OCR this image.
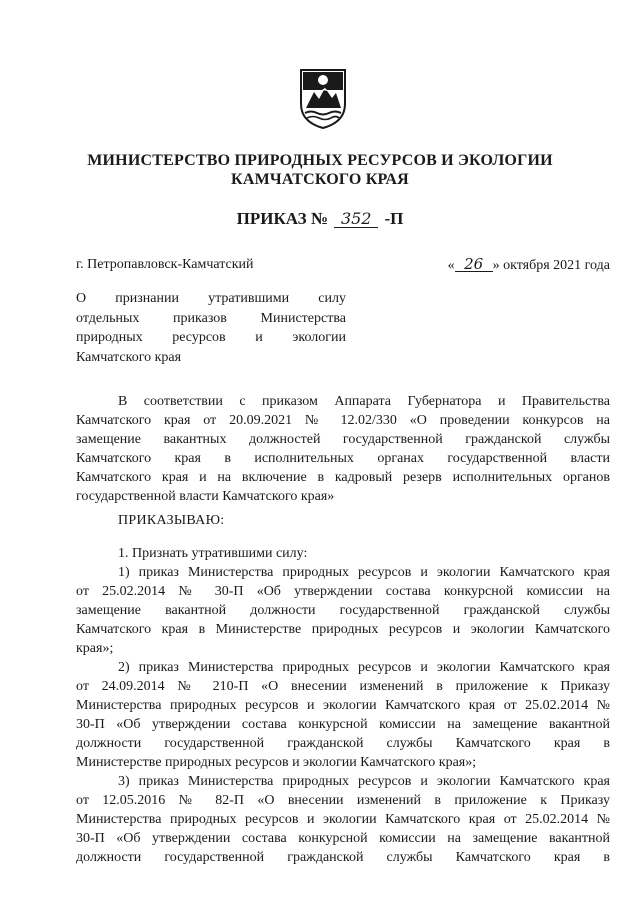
МИНИСТЕРСТВО ПРИРОДНЫХ РЕСУРСОВ И ЭКОЛОГИИ
КАМЧАТСКОГО КРАЯ
ПРИКАЗ № 352 -П
г. Петропавловск-Камчатский	« 26 » октября 2021 года
О признании утратившими силу
отдельных приказов Министерства
природных ресурсов и экологии
Камчатского края
В соответствии с приказом Аппарата Губернатора и Правительства
Камчатского края от 20.09.2021 № 12.02/330 «О проведении конкурсов на
замещение вакантных должностей государственной гражданской службы
Камчатского края в исполнительных органах государственной власти
Камчатского края и на включение в кадровый резерв исполнительных органов
государственной власти Камчатского края»
ПРИКАЗЫВАЮ:
1. Признать утратившими силу:
1) приказ Министерства природных ресурсов и экологии Камчатского края
от 25.02.2014 № 30-П «Об утверждении состава конкурсной комиссии на
замещение вакантной должности государственной гражданской службы
Камчатского края в Министерстве природных ресурсов и экологии Камчатского
края»;
2) приказ Министерства природных ресурсов и экологии Камчатского края
от 24.09.2014 № 210-П «О внесении изменений в приложение к Приказу
Министерства природных ресурсов и экологии Камчатского края от 25.02.2014 №
30-П «Об утверждении состава конкурсной комиссии на замещение вакантной
должности государственной гражданской службы Камчатского края в
Министерстве природных ресурсов и экологии Камчатского края»;
3) приказ Министерства природных ресурсов и экологии Камчатского края
от 12.05.2016 № 82-П «О внесении изменений в приложение к Приказу
Министерства природных ресурсов и экологии Камчатского края от 25.02.2014 №
30-П «Об утверждении состава конкурсной комиссии на замещение вакантной
должности государственной гражданской службы Камчатского края в
